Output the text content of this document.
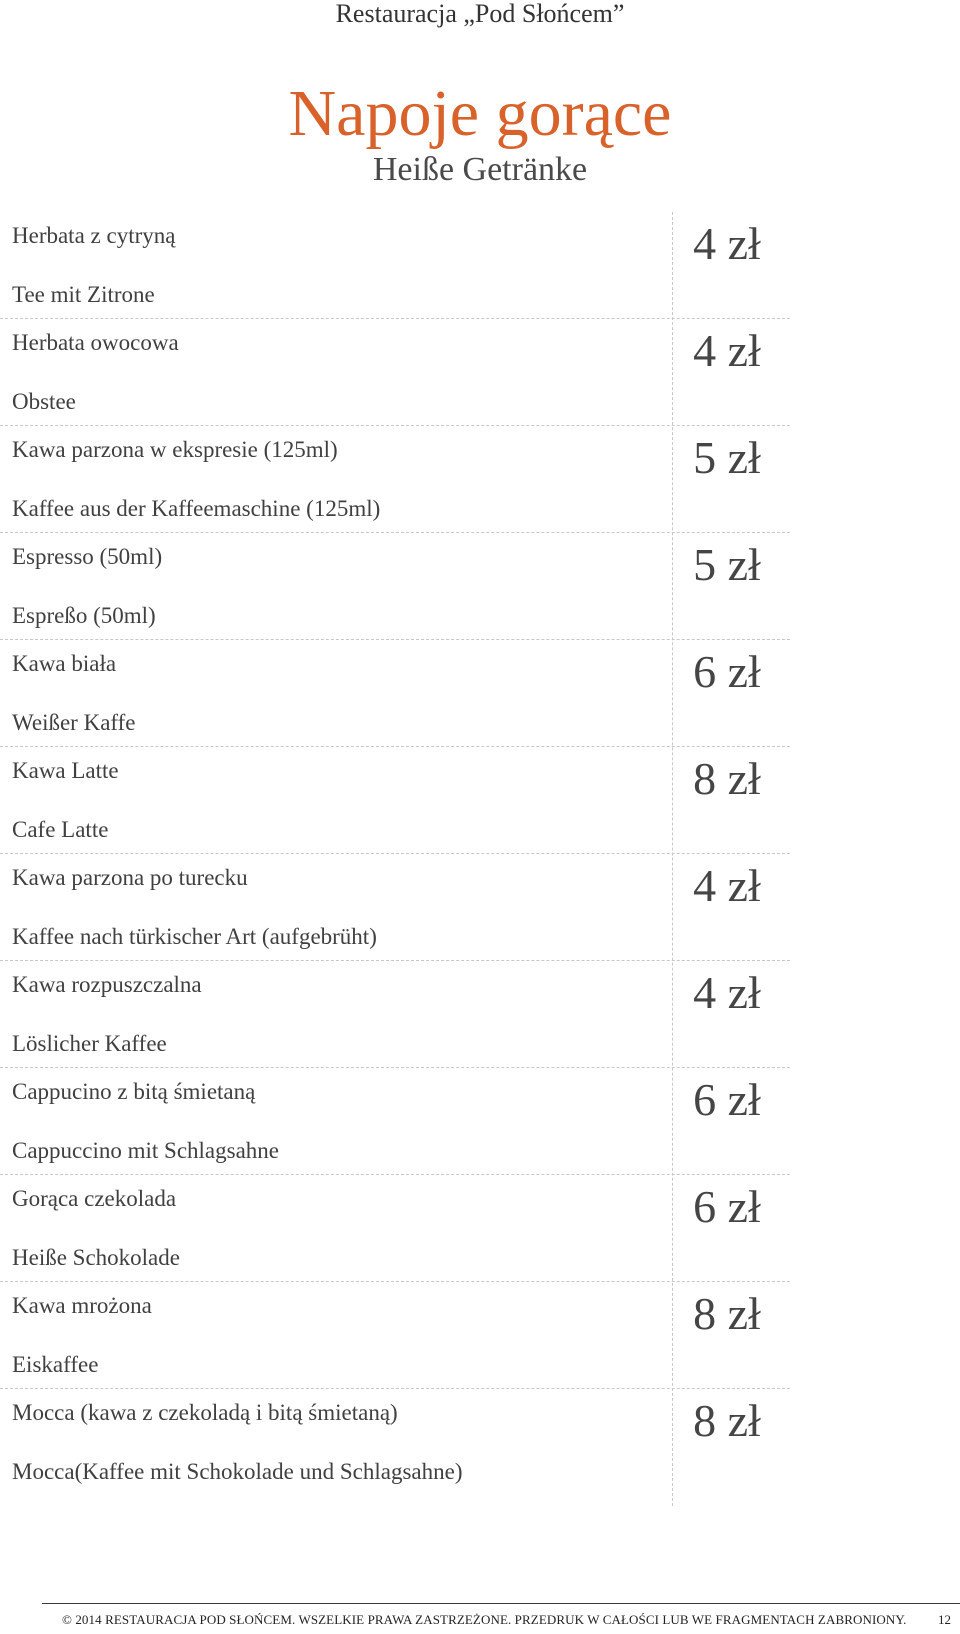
Restauracja „Pod Słońcem”
Napoje gorące
Heiße Getränke
Herbata z cytryną
Tee mit Zitrone
4 zł
Herbata owocowa
Obstee
4 zł
Kawa parzona w ekspresie (125ml)
Kaffee aus der Kaffeemaschine (125ml)
5 zł
Espresso (50ml)
Espreßo (50ml)
5 zł
Kawa biała
Weißer Kaffe
6 zł
Kawa Latte
Cafe Latte
8 zł
Kawa parzona po turecku
Kaffee nach türkischer Art (aufgebrüht)
4 zł
Kawa rozpuszczalna
Löslicher Kaffee
4 zł
Cappucino z bitą śmietaną
Cappuccino mit Schlagsahne
6 zł
Gorąca czekolada
Heiße Schokolade
6 zł
Kawa mrożona
Eiskaffee
8 zł
Mocca (kawa z czekoladą i bitą śmietaną)
Mocca(Kaffee mit Schokolade und Schlagsahne)
8 zł
© 2014 RESTAURACJA POD SŁOŃCEM. WSZELKIE PRAWA ZASTRZEŻONE. PRZEDRUK W CAŁOŚCI LUB WE FRAGMENTACH ZABRONIONY. 12
